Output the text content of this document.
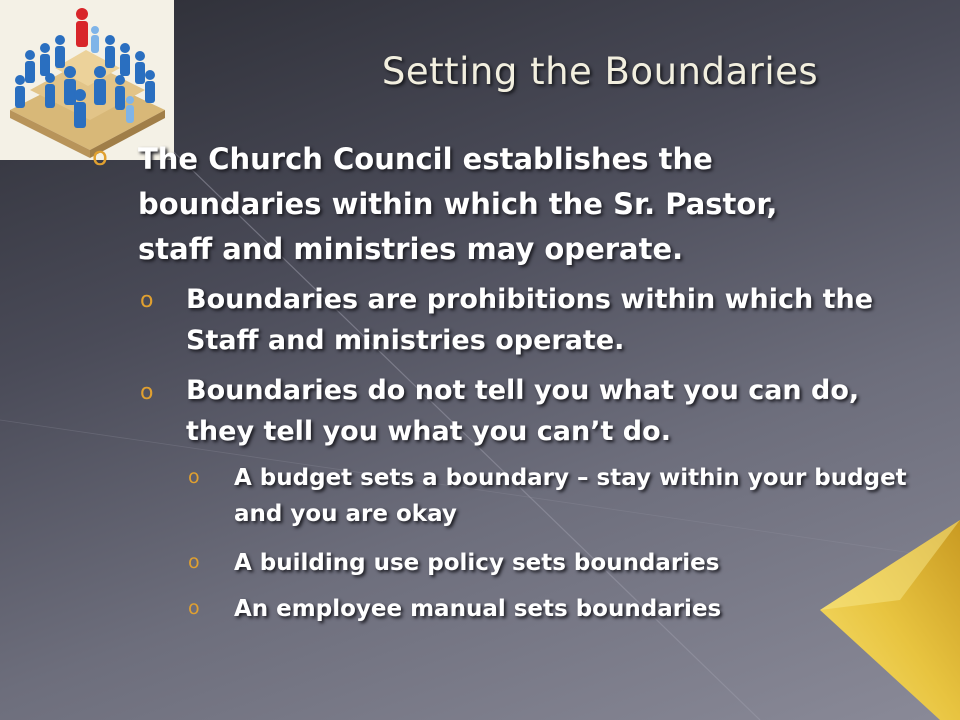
Setting the Boundaries
o The Church Council establishes the boundaries within which the Sr. Pastor, staff and ministries may operate.

o Boundaries are prohibitions within which the Staff and ministries operate.

o Boundaries do not tell you what you can do, they tell you what you can’t do.

o A budget sets a boundary – stay within your budget and you are okay

o A building use policy sets boundaries

o An employee manual sets boundaries
